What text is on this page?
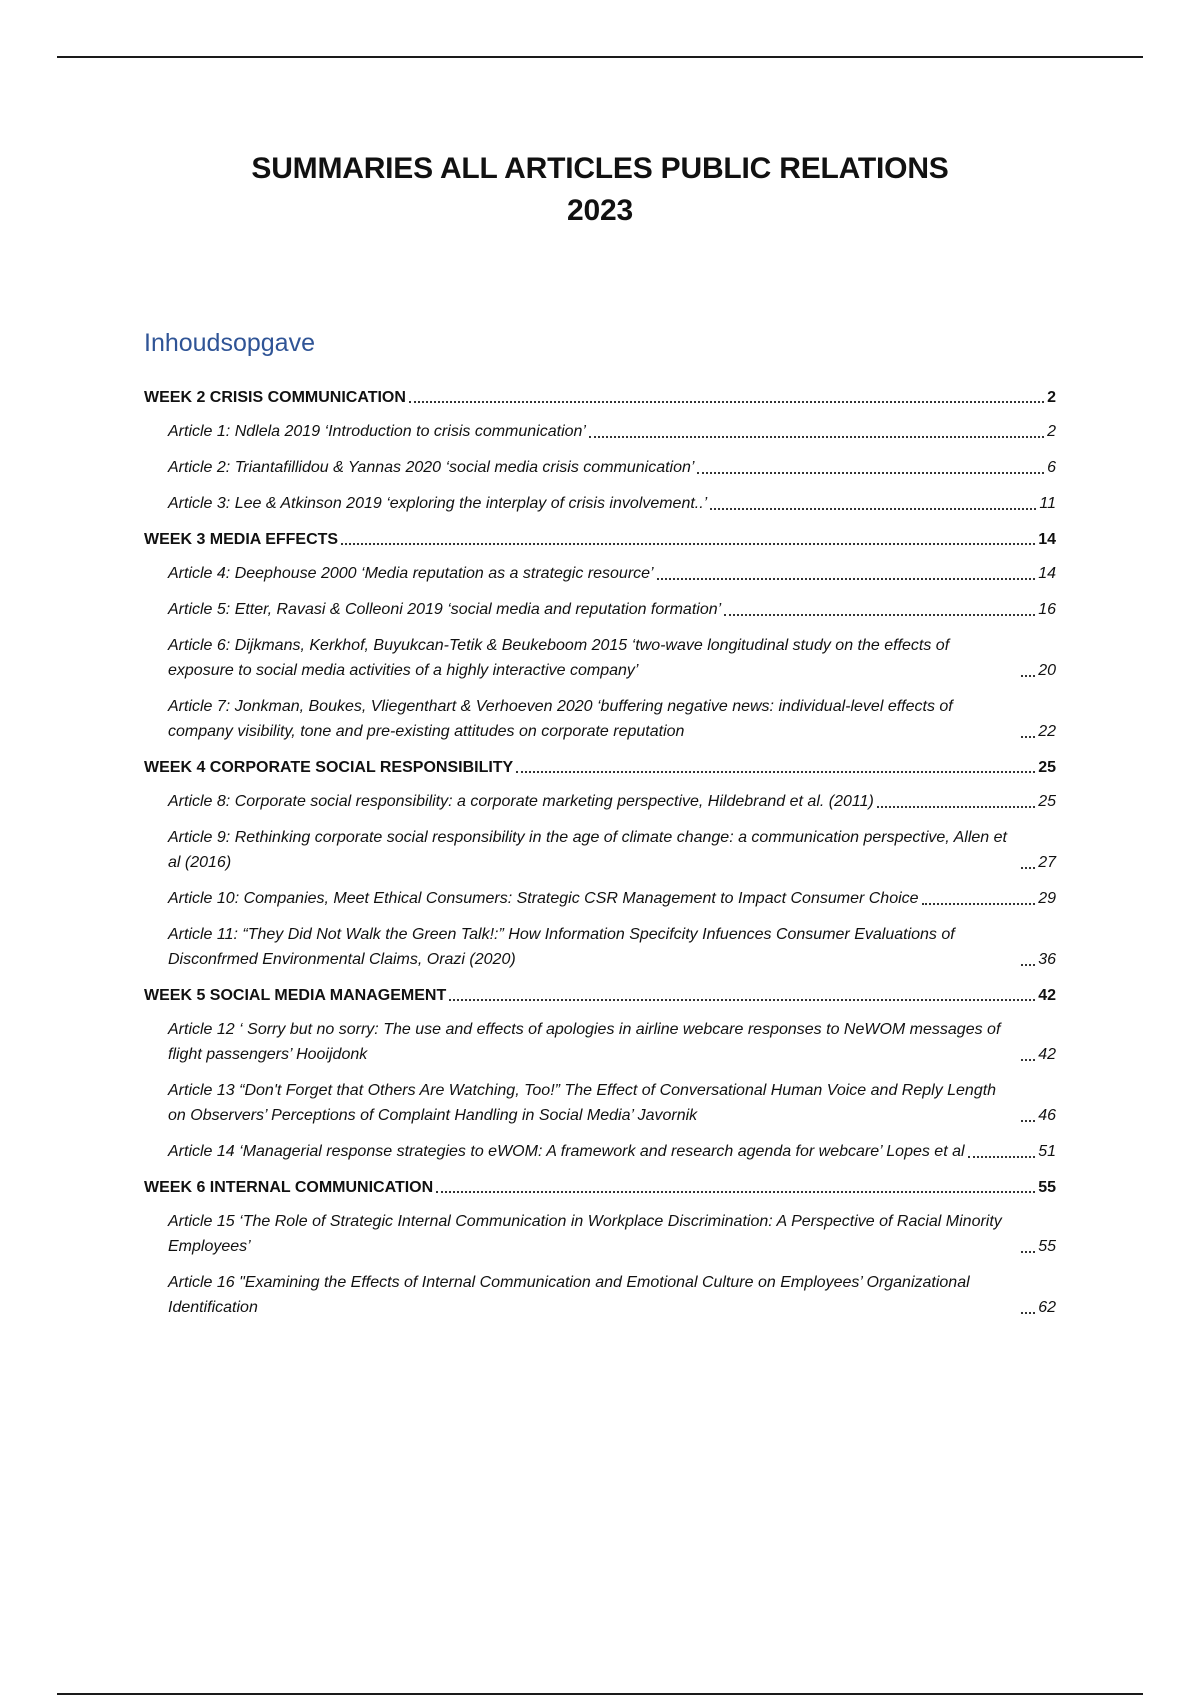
SUMMARIES ALL ARTICLES PUBLIC RELATIONS
2023
Inhoudsopgave
WEEK 2 CRISIS COMMUNICATION	2
Article 1: Ndlela 2019 ‘Introduction to crisis communication’	2
Article 2: Triantafillidou & Yannas 2020 ‘social media crisis communication’	6
Article 3: Lee & Atkinson 2019 ‘exploring the interplay of crisis involvement..’	11
WEEK 3 MEDIA EFFECTS	14
Article 4: Deephouse 2000 ‘Media reputation as a strategic resource’	14
Article 5: Etter, Ravasi & Colleoni 2019 ‘social media and reputation formation’	16
Article 6: Dijkmans, Kerkhof, Buyukcan-Tetik & Beukeboom 2015 ‘two-wave longitudinal study on the effects of exposure to social media activities of a highly interactive company’	20
Article 7: Jonkman, Boukes, Vliegenthart & Verhoeven 2020 ‘buffering negative news: individual-level effects of company visibility, tone and pre-existing attitudes on corporate reputation	22
WEEK 4 CORPORATE SOCIAL RESPONSIBILITY	25
Article 8: Corporate social responsibility: a corporate marketing perspective, Hildebrand et al. (2011)	25
Article 9: Rethinking corporate social responsibility in the age of climate change: a communication perspective, Allen et al (2016)	27
Article 10: Companies, Meet Ethical Consumers: Strategic CSR Management to Impact Consumer Choice	29
Article 11: “They Did Not Walk the Green Talk!:” How Information Specifcity Infuences Consumer Evaluations of Disconfrmed Environmental Claims, Orazi (2020)	36
WEEK 5 SOCIAL MEDIA MANAGEMENT	42
Article 12 ‘ Sorry but no sorry: The use and effects of apologies in airline webcare responses to NeWOM messages of flight passengers’ Hooijdonk	42
Article 13 “Don't Forget that Others Are Watching, Too!” The Effect of Conversational Human Voice and Reply Length on Observers’ Perceptions of Complaint Handling in Social Media’ Javornik	46
Article 14 ‘Managerial response strategies to eWOM: A framework and research agenda for webcare’ Lopes et al	51
WEEK 6 INTERNAL COMMUNICATION	55
Article 15 ‘The Role of Strategic Internal Communication in Workplace Discrimination: A Perspective of Racial Minority Employees’	55
Article 16 "Examining the Effects of Internal Communication and Emotional Culture on Employees’ Organizational Identification	62
